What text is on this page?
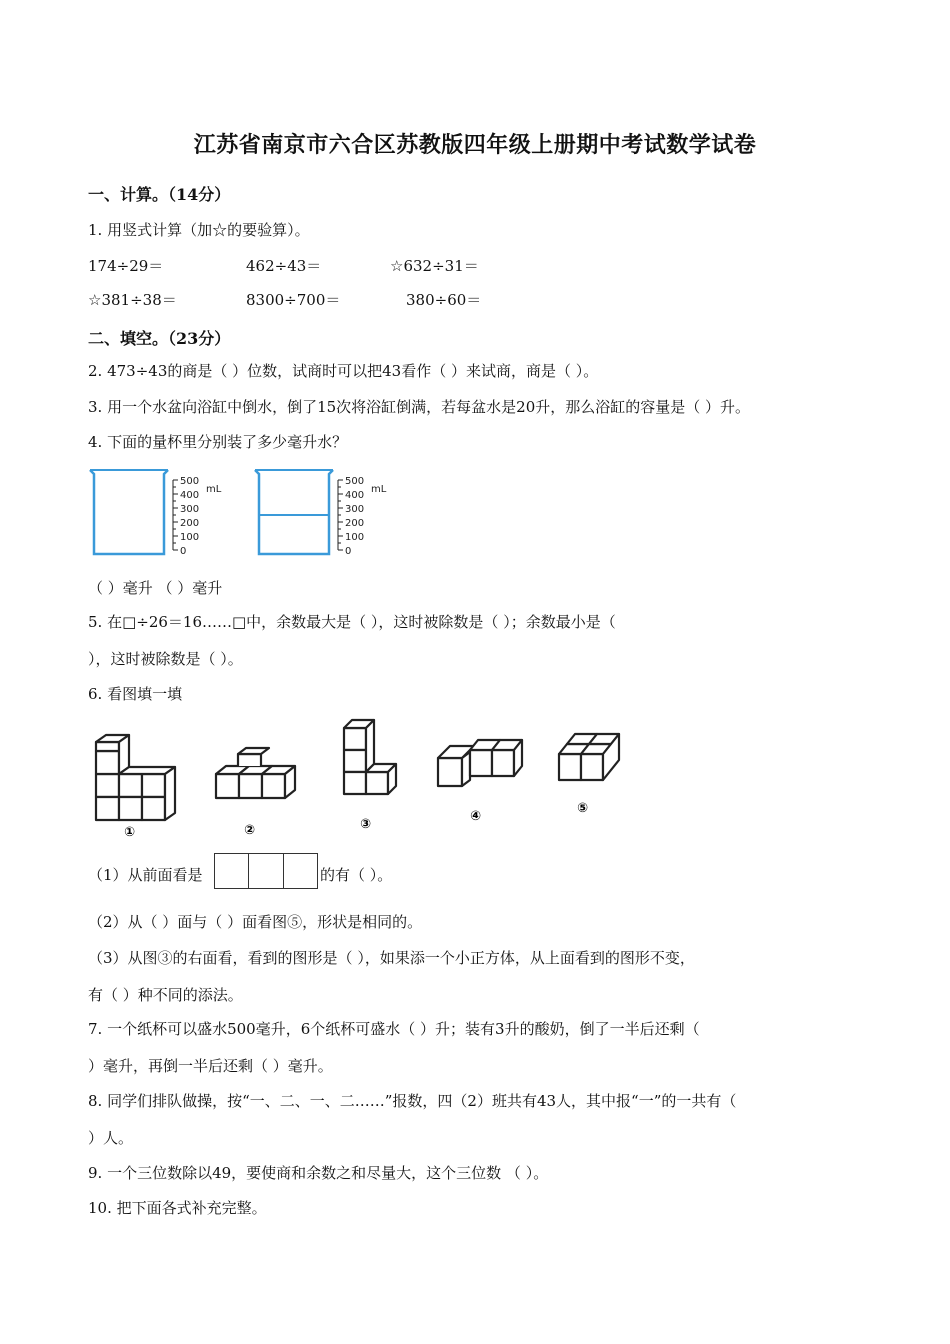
江苏省南京市六合区苏教版四年级上册期中考试数学试卷
一、计算。（14分）
1. 用竖式计算（加☆的要验算）。
174÷29＝	462÷43＝	☆632÷31＝
☆381÷38＝	8300÷700＝	380÷60＝
二、填空。（23分）
2. 473÷43的商是（ ）位数，试商时可以把43看作（ ）来试商，商是（ ）。
3. 用一个水盆向浴缸中倒水，倒了15次将浴缸倒满，若每盆水是20升，那么浴缸的容量是（ ）升。
4. 下面的量杯里分别装了多少毫升水？
500
400
300
200
100
0
mL
500
400
300
200
100
0
mL
（ ）毫升 （ ）毫升
5. 在□÷26＝16……□中，余数最大是（ ），这时被除数是（ ）；余数最小是（
），这时被除数是（ ）。
6. 看图填一填
①	②	③
④
⑤
（1）从前面看是	的有（ ）。
（2）从（ ）面与（ ）面看图⑤，形状是相同的。
（3）从图③的右面看，看到的图形是（ ），如果添一个小正方体，从上面看到的图形不变，
有（ ）种不同的添法。
7. 一个纸杯可以盛水500毫升，6个纸杯可盛水（ ）升；装有3升的酸奶，倒了一半后还剩（
）毫升，再倒一半后还剩（ ）毫升。
8. 同学们排队做操，按“一、二、一、二……”报数，四（2）班共有43人，其中报“一”的一共有（
）人。
9. 一个三位数除以49，要使商和余数之和尽量大，这个三位数 （ ）。
10. 把下面各式补充完整。
